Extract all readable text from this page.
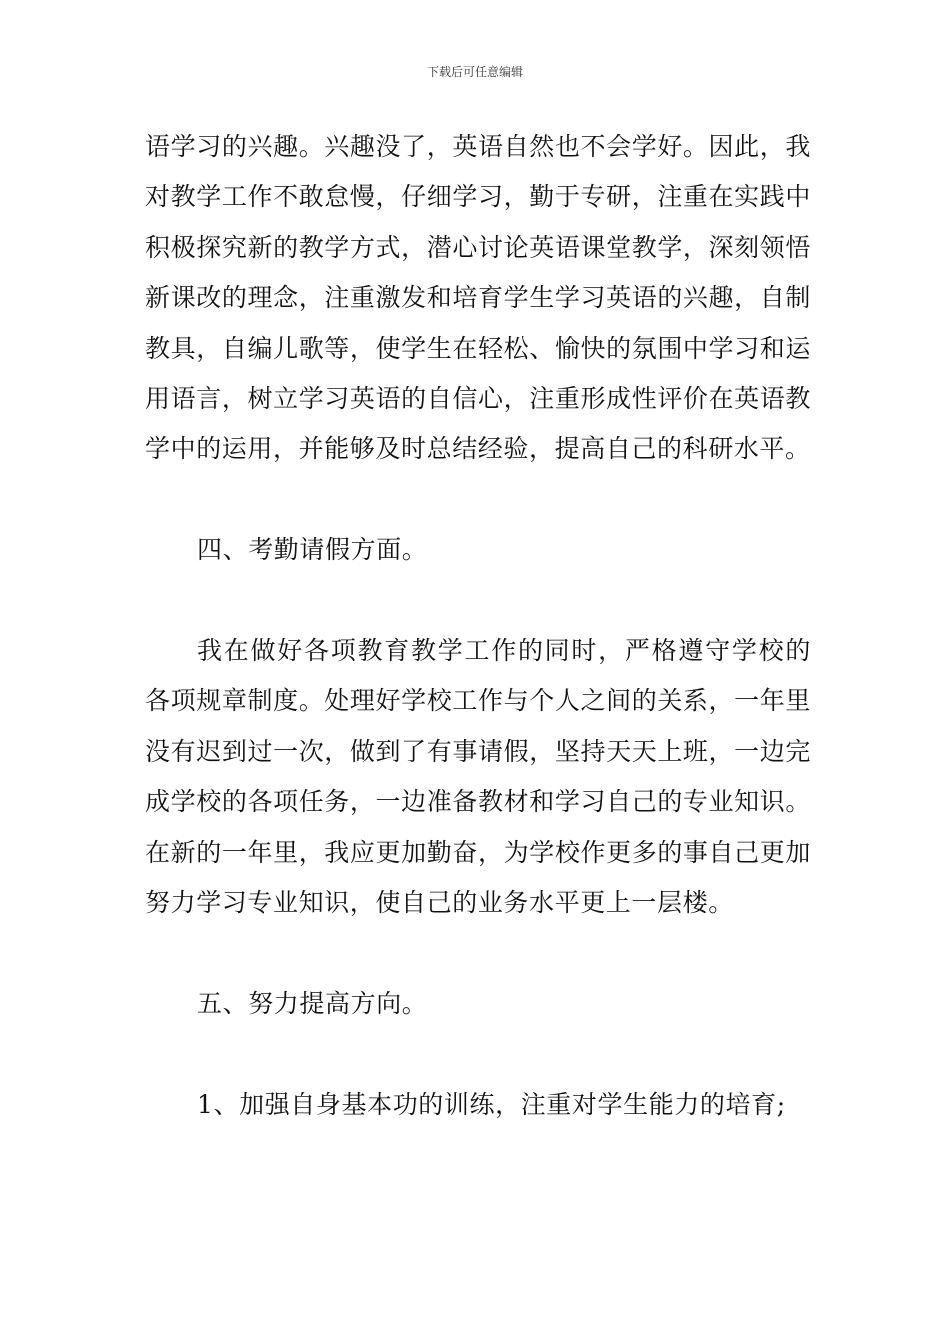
下载后可任意编辑

语学习的兴趣。兴趣没了，英语自然也不会学好。因此，我对教学工作不敢怠慢，仔细学习，勤于专研，注重在实践中积极探究新的教学方式，潜心讨论英语课堂教学，深刻领悟新课改的理念，注重激发和培育学生学习英语的兴趣，自制教具，自编儿歌等，使学生在轻松、愉快的氛围中学习和运用语言，树立学习英语的自信心，注重形成性评价在英语教学中的运用，并能够及时总结经验，提高自己的科研水平。

四、考勤请假方面。

我在做好各项教育教学工作的同时，严格遵守学校的各项规章制度。处理好学校工作与个人之间的关系，一年里没有迟到过一次，做到了有事请假，坚持天天上班，一边完成学校的各项任务，一边准备教材和学习自己的专业知识。在新的一年里，我应更加勤奋，为学校作更多的事自己更加努力学习专业知识，使自己的业务水平更上一层楼。

五、努力提高方向。

1、加强自身基本功的训练，注重对学生能力的培育;
